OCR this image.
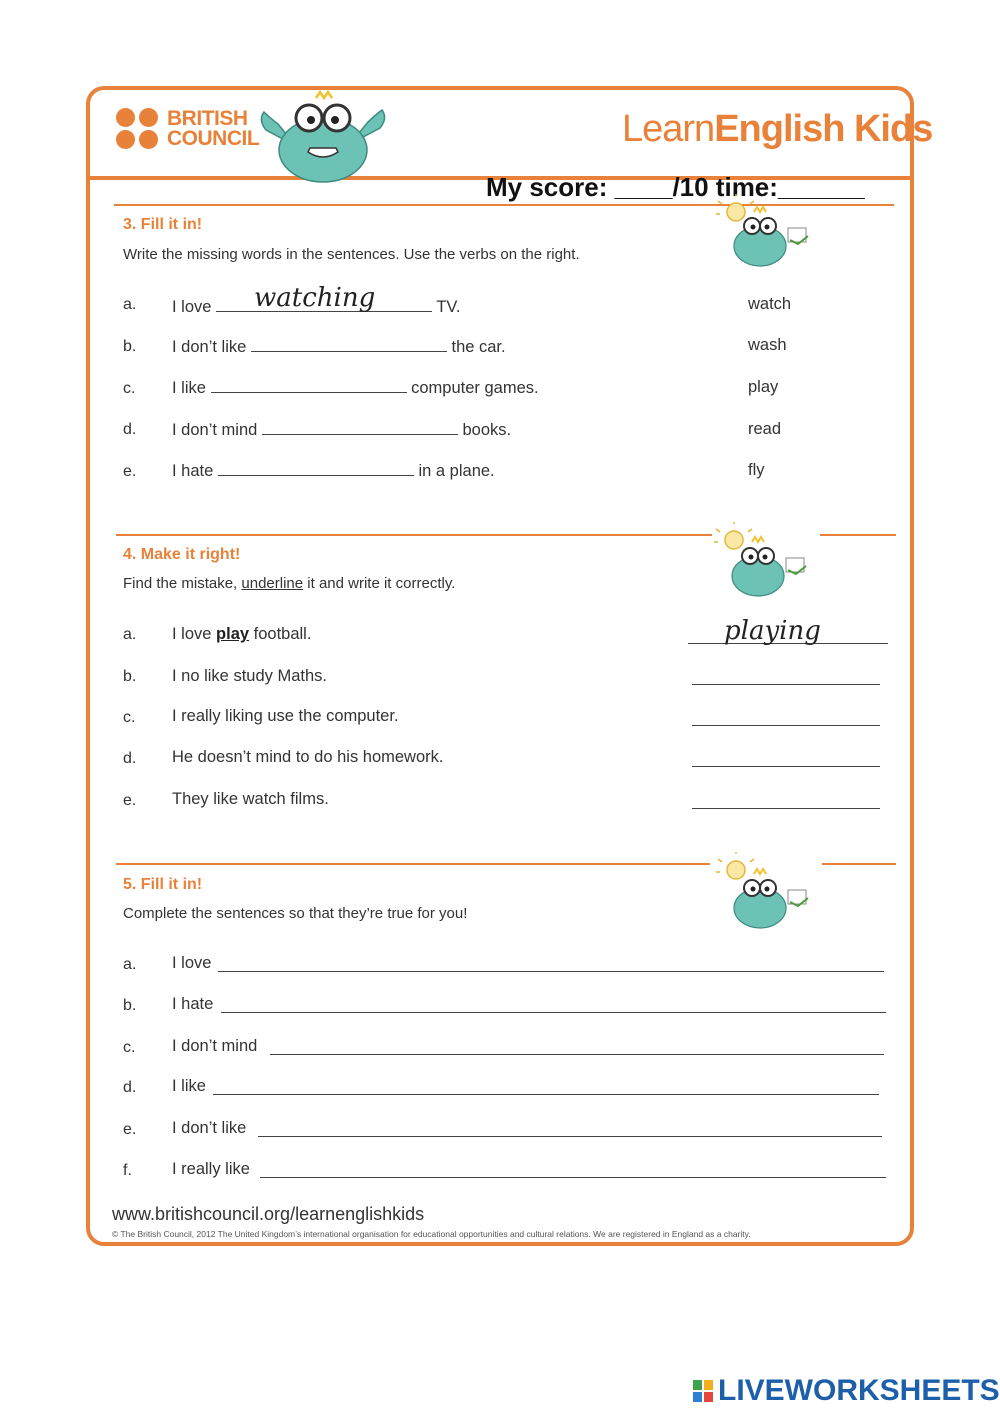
BRITISH
COUNCIL	LearnEnglish Kids
My score: ____/10 time:______
3. Fill it in!
Write the missing words in the sentences. Use the verbs on the right.
a. I love watching	TV.	watch
b. I don’t like	the car.	wash
c. I like	computer games.	play
d. I don’t mind	books.	read
e. I hate	in a plane.	fly
4. Make it right!
Find the mistake, underline it and write it correctly.
a. I love play football.	playing
b. I no like study Maths.
c. I really liking use the computer.
d. He doesn’t mind to do his homework.
e. They like watch films.
5. Fill it in!
Complete the sentences so that they’re true for you!
a. I love
b. I hate
c. I don’t mind
d. I like
e. I don’t like
f. I really like
www.britishcouncil.org/learnenglishkids
© The British Council, 2012 The United Kingdom’s international organisation for educational opportunities and cultural relations. We are registered in England as a charity.
LIVEWORKSHEETS
